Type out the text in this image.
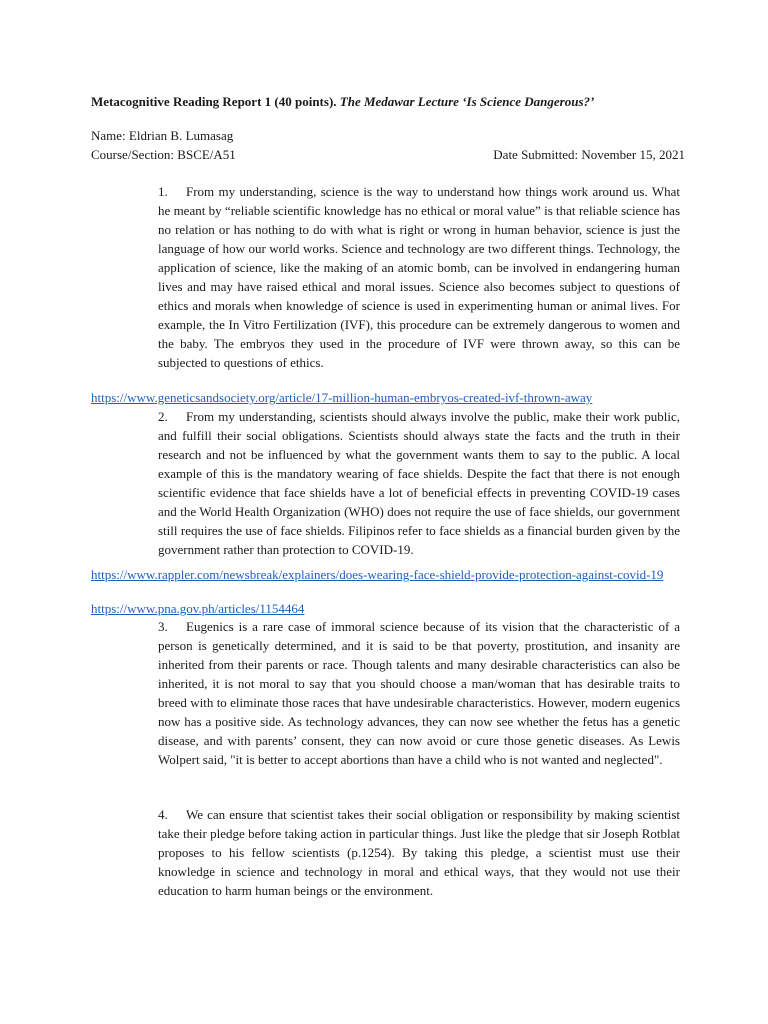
Metacognitive Reading Report 1 (40 points). The Medawar Lecture ‘Is Science Dangerous?’
Name: Eldrian B. Lumasag
Course/Section: BSCE/A51	Date Submitted: November 15, 2021
1. From my understanding, science is the way to understand how things work around us. What he meant by “reliable scientific knowledge has no ethical or moral value” is that reliable science has no relation or has nothing to do with what is right or wrong in human behavior, science is just the language of how our world works. Science and technology are two different things. Technology, the application of science, like the making of an atomic bomb, can be involved in endangering human lives and may have raised ethical and moral issues. Science also becomes subject to questions of ethics and morals when knowledge of science is used in experimenting human or animal lives. For example, the In Vitro Fertilization (IVF), this procedure can be extremely dangerous to women and the baby. The embryos they used in the procedure of IVF were thrown away, so this can be subjected to questions of ethics.
https://www.geneticsandsociety.org/article/17-million-human-embryos-created-ivf-thrown-away
2. From my understanding, scientists should always involve the public, make their work public, and fulfill their social obligations. Scientists should always state the facts and the truth in their research and not be influenced by what the government wants them to say to the public. A local example of this is the mandatory wearing of face shields. Despite the fact that there is not enough scientific evidence that face shields have a lot of beneficial effects in preventing COVID-19 cases and the World Health Organization (WHO) does not require the use of face shields, our government still requires the use of face shields. Filipinos refer to face shields as a financial burden given by the government rather than protection to COVID-19.
https://www.rappler.com/newsbreak/explainers/does-wearing-face-shield-provide-protection-against-covid-19
https://www.pna.gov.ph/articles/1154464
3. Eugenics is a rare case of immoral science because of its vision that the characteristic of a person is genetically determined, and it is said to be that poverty, prostitution, and insanity are inherited from their parents or race. Though talents and many desirable characteristics can also be inherited, it is not moral to say that you should choose a man/woman that has desirable traits to breed with to eliminate those races that have undesirable characteristics. However, modern eugenics now has a positive side. As technology advances, they can now see whether the fetus has a genetic disease, and with parents’ consent, they can now avoid or cure those genetic diseases. As Lewis Wolpert said, "it is better to accept abortions than have a child who is not wanted and neglected".
4. We can ensure that scientist takes their social obligation or responsibility by making scientist take their pledge before taking action in particular things. Just like the pledge that sir Joseph Rotblat proposes to his fellow scientists (p.1254). By taking this pledge, a scientist must use their knowledge in science and technology in moral and ethical ways, that they would not use their education to harm human beings or the environment.
